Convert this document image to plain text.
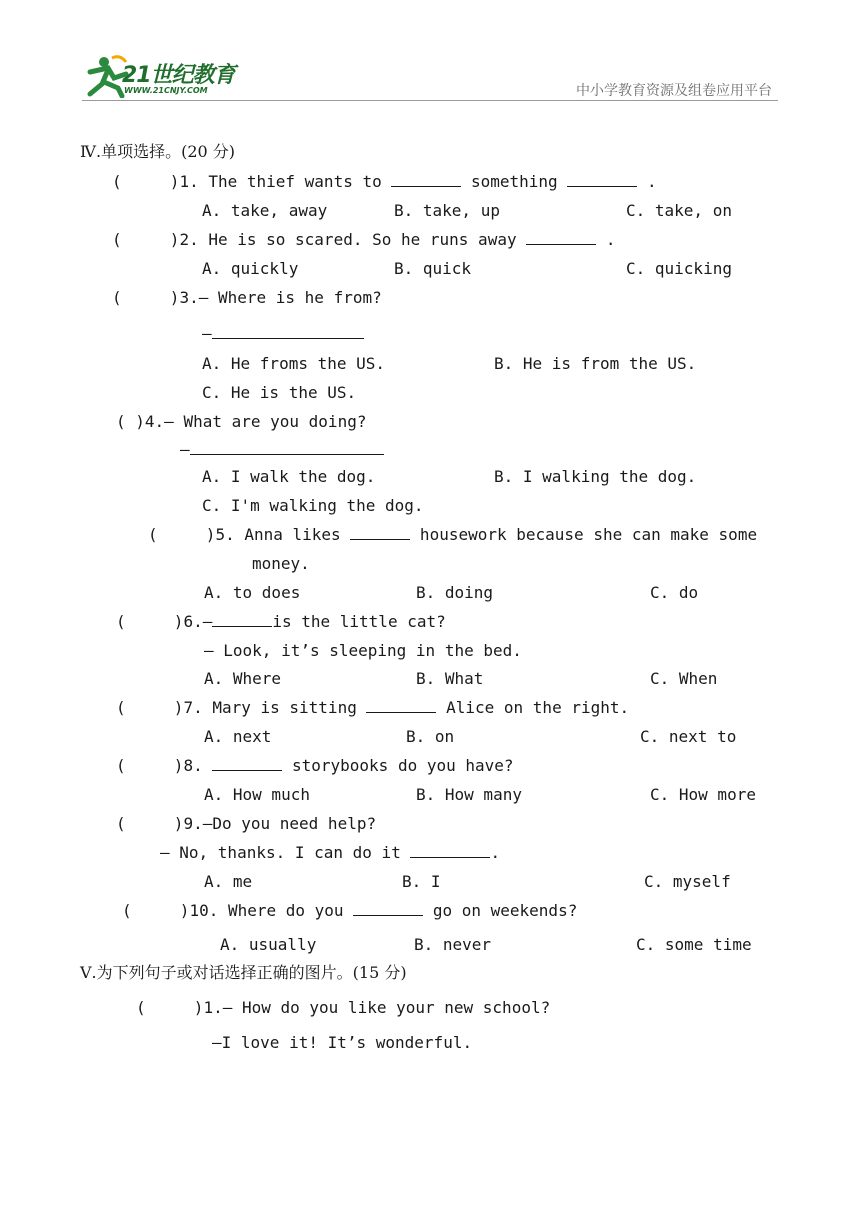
21世纪教育
WWW.21CNJY.COM	中小学教育资源及组卷应用平台
Ⅳ.单项选择。(20 分)
(     )1. The thief wants to	something	.
A. take, away	B. take, up	C. take, on
(     )2. He is so scared. So he runs away	.
A. quickly	B. quick	C. quicking
(     )3.— Where is he from?
—
A. He froms the US.	B. He is from the US.
C. He is the US.
( )4.— What are you doing?
—
A. I walk the dog.	B. I walking the dog.
C. I'm walking the dog.
(     )5. Anna likes	housework because she can make some
money.
A. to does	B. doing	C. do
(     )6.—	is the little cat?
— Look, it’s sleeping in the bed.
A. Where	B. What	C. When
(     )7. Mary is sitting	Alice on the right.
A. next	B. on	C. next to
(     )8.	storybooks do you have?
A. How much	B. How many	C. How more
(     )9.—Do you need help?
— No, thanks. I can do it	.
A. me	B. I	C. myself
(     )10. Where do you	go on weekends?
A. usually	B. never	C. some time
Ⅴ.为下列句子或对话选择正确的图片。(15 分)
(     )1.— How do you like your new school?
—I love it! It’s wonderful.
